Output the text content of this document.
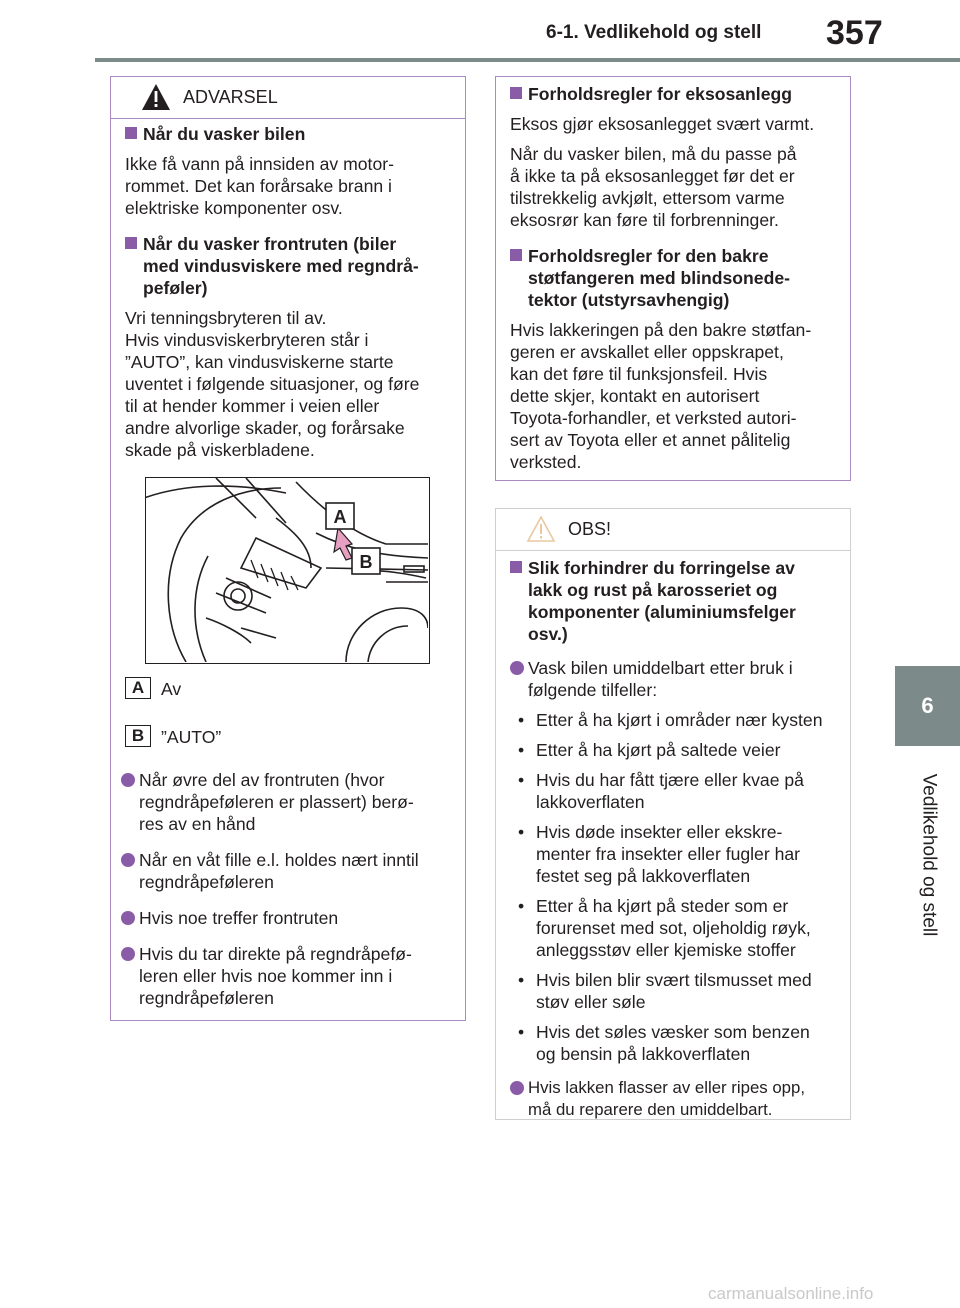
6-1. Vedlikehold og stell 357
6
Vedlikehold og stell
ADVARSEL
Når du vasker bilen

Ikke få vann på innsiden av motor-
rommet. Det kan forårsake brann i
elektriske komponenter osv.

Når du vasker frontruten (biler
med vindusviskere med regndrå-
peføler)

Vri tenningsbryteren til av.
Hvis vindusviskerbryteren står i
”AUTO”, kan vindusviskerne starte
uventet i følgende situasjoner, og føre
til at hender kommer i veien eller
andre alvorlige skader, og forårsake
skade på viskerbladene.

A Av
B ”AUTO”
Når øvre del av frontruten (hvor
regndråpeføleren er plassert) berø-
res av en hånd
Når en våt fille e.l. holdes nært inntil
regndråpeføleren
Hvis noe treffer frontruten
Hvis du tar direkte på regndråpefø-
leren eller hvis noe kommer inn i
regndråpeføleren
A
B
Forholdsregler for eksosanlegg

Eksos gjør eksosanlegget svært varmt.

Når du vasker bilen, må du passe på
å ikke ta på eksosanlegget før det er
tilstrekkelig avkjølt, ettersom varme
eksosrør kan føre til forbrenninger.

Forholdsregler for den bakre
støtfangeren med blindsonede-
tektor (utstyrsavhengig)

Hvis lakkeringen på den bakre støtfan-
geren er avskallet eller oppskrapet,
kan det føre til funksjonsfeil. Hvis
dette skjer, kontakt en autorisert
Toyota-forhandler, et verksted autori-
sert av Toyota eller et annet pålitelig
verksted.

OBS!
Slik forhindrer du forringelse av
lakk og rust på karosseriet og
komponenter (aluminiumsfelger
osv.)
Vask bilen umiddelbart etter bruk i
følgende tilfeller:
• Etter å ha kjørt i områder nær kysten
• Etter å ha kjørt på saltede veier
• Hvis du har fått tjære eller kvae på
lakkoverflaten
• Hvis døde insekter eller ekskre-
menter fra insekter eller fugler har
festet seg på lakkoverflaten
• Etter å ha kjørt på steder som er
forurenset med sot, oljeholdig røyk,
anleggsstøv eller kjemiske stoffer
• Hvis bilen blir svært tilsmusset med
støv eller søle
• Hvis det søles væsker som benzen
og bensin på lakkoverflaten
Hvis lakken flasser av eller ripes opp,
må du reparere den umiddelbart.
carmanualsonline.info
